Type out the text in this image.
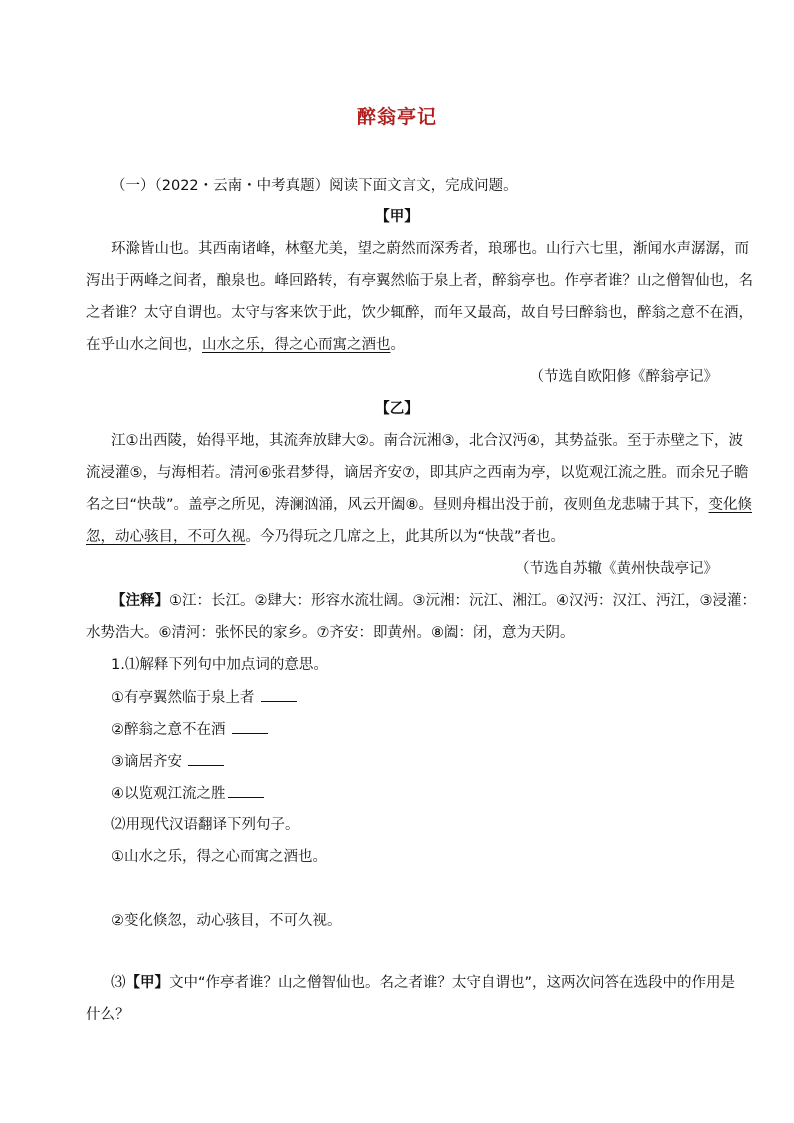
醉翁亭记
（一）（2022・云南・中考真题）阅读下面文言文，完成问题。
【甲】
环滁皆山也。其西南诸峰，林壑尤美，望之蔚然而深秀者，琅琊也。山行六七里，渐闻水声潺潺，而
泻出于两峰之间者，酿泉也。峰回路转，有亭翼然临于泉上者，醉翁亭也。作亭者谁？山之僧智仙也，名
之者谁？太守自谓也。太守与客来饮于此，饮少辄醉，而年又最高，故自号曰醉翁也，醉翁之意不在酒，
在乎山水之间也，山水之乐，得之心而寓之酒也。
（节选自欧阳修《醉翁亭记》
【乙】
江①出西陵，始得平地，其流奔放肆大②。南合沅湘③，北合汉沔④，其势益张。至于赤壁之下，波
流浸灌⑤，与海相若。清河⑥张君梦得，谪居齐安⑦，即其庐之西南为亭，以览观江流之胜。而余兄子瞻
名之曰“快哉”。盖亭之所见，涛澜汹涌，风云开阖⑧。昼则舟楫出没于前，夜则鱼龙悲啸于其下，变化倏
忽，动心骇目，不可久视。今乃得玩之几席之上，此其所以为“快哉”者也。
（节选自苏辙《黄州快哉亭记》
【注释】①江：长江。②肆大：形容水流壮阔。③沅湘：沅江、湘江。④汉沔：汉江、沔江，③浸灌：
水势浩大。⑥清河：张怀民的家乡。⑦齐安：即黄州。⑧阖：闭，意为天阴。
1.⑴解释下列句中加点词的意思。
①有亭翼然临于泉上者
②醉翁之意不在酒
③谪居齐安
④以览观江流之胜
⑵用现代汉语翻译下列句子。
①山水之乐，得之心而寓之酒也。
②变化倏忽，动心骇目，不可久视。
⑶【甲】文中“作亭者谁？山之僧智仙也。名之者谁？太守自谓也”，这两次问答在选段中的作用是
什么？
